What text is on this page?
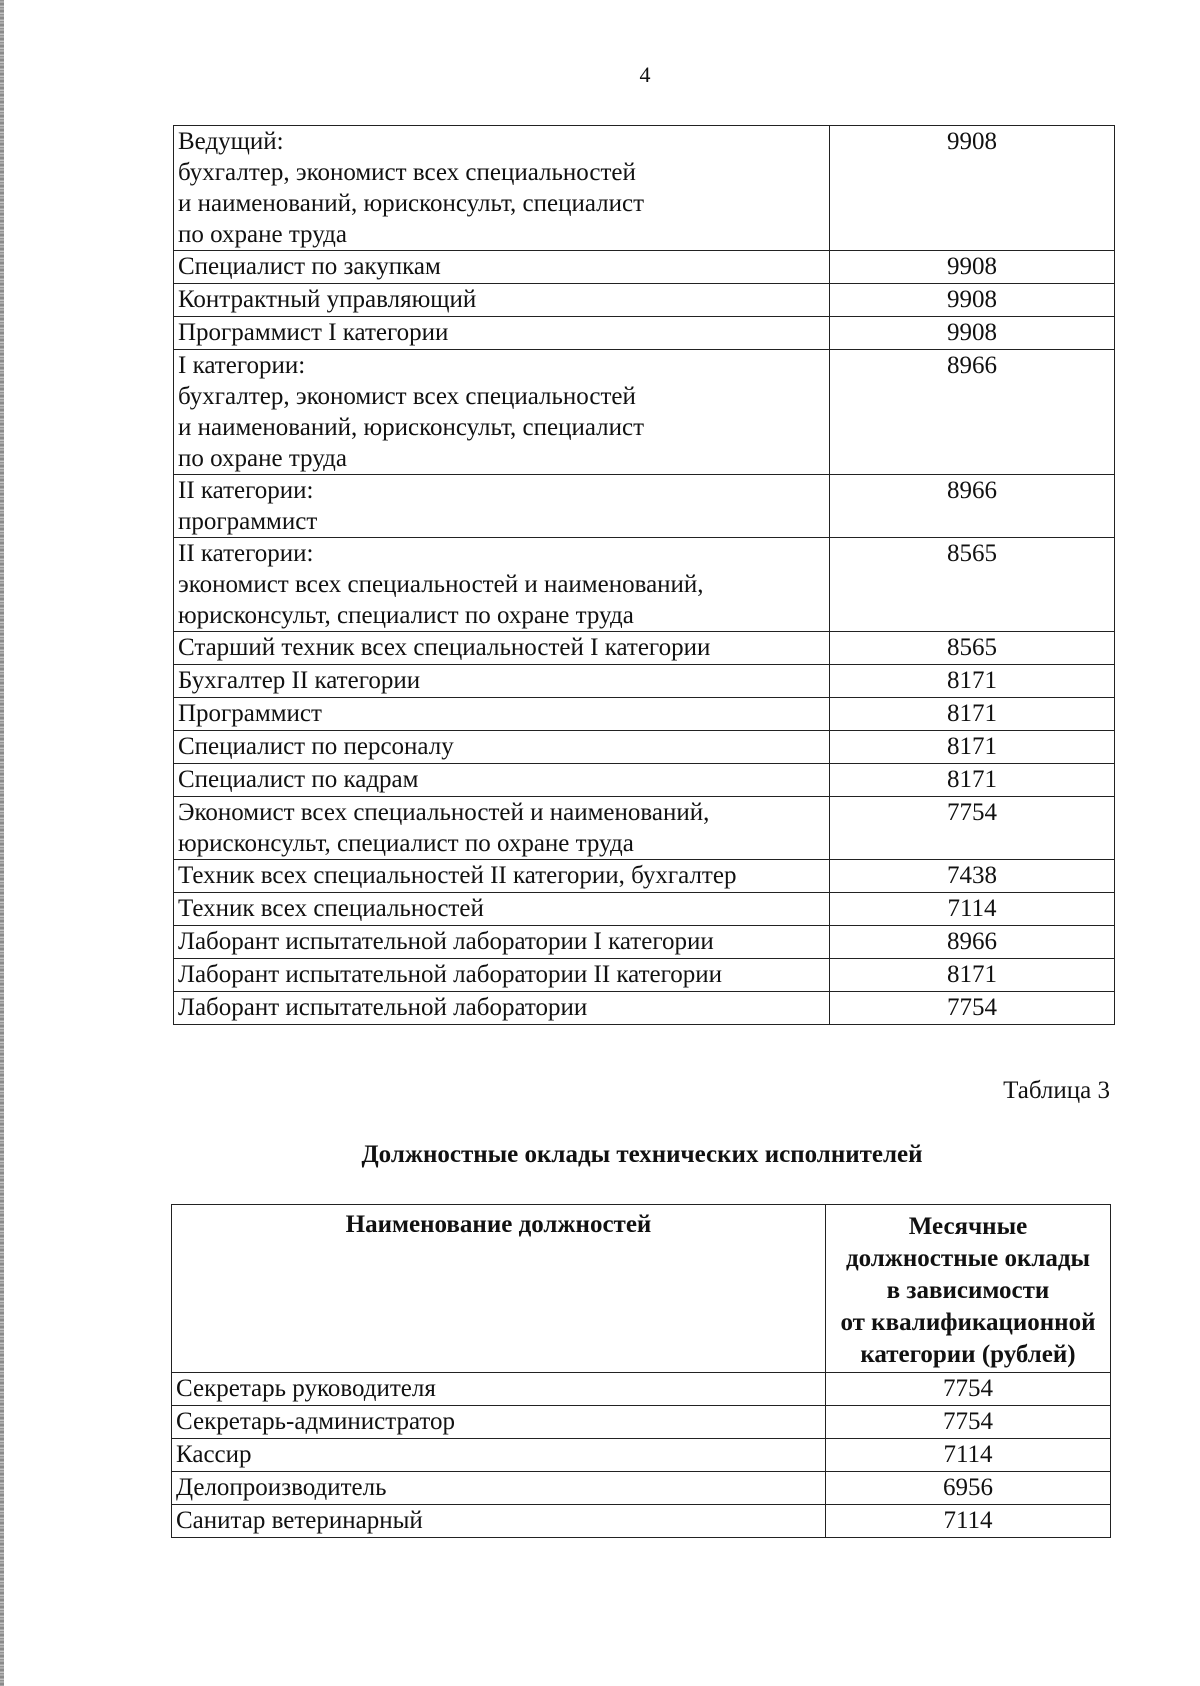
4
Ведущий:
бухгалтер, экономист всех специальностей
и наименований, юрисконсульт, специалист
по охране труда	9908

Специалист по закупкам	9908

Контрактный управляющий	9908

Программист I категории	9908

I категории:
бухгалтер, экономист всех специальностей
и наименований, юрисконсульт, специалист
по охране труда	8966

II категории:
программист	8966

II категории:
экономист всех специальностей и наименований,
юрисконсульт, специалист по охране труда	8565

Старший техник всех специальностей I категории	8565

Бухгалтер II категории	8171

Программист	8171

Специалист по персоналу	8171

Специалист по кадрам	8171

Экономист всех специальностей и наименований,
юрисконсульт, специалист по охране труда	7754

Техник всех специальностей II категории, бухгалтер	7438

Техник всех специальностей	7114

Лаборант испытательной лаборатории I категории	8966

Лаборант испытательной лаборатории II категории	8171

Лаборант испытательной лаборатории	7754
Таблица 3
Должностные оклады технических исполнителей
Наименование должностей	Месячные
должностные оклады
в зависимости
от квалификационной
категории (рублей)

Секретарь руководителя	7754
Секретарь-администратор	7754
Кассир	7114
Делопроизводитель	6956
Санитар ветеринарный	7114
